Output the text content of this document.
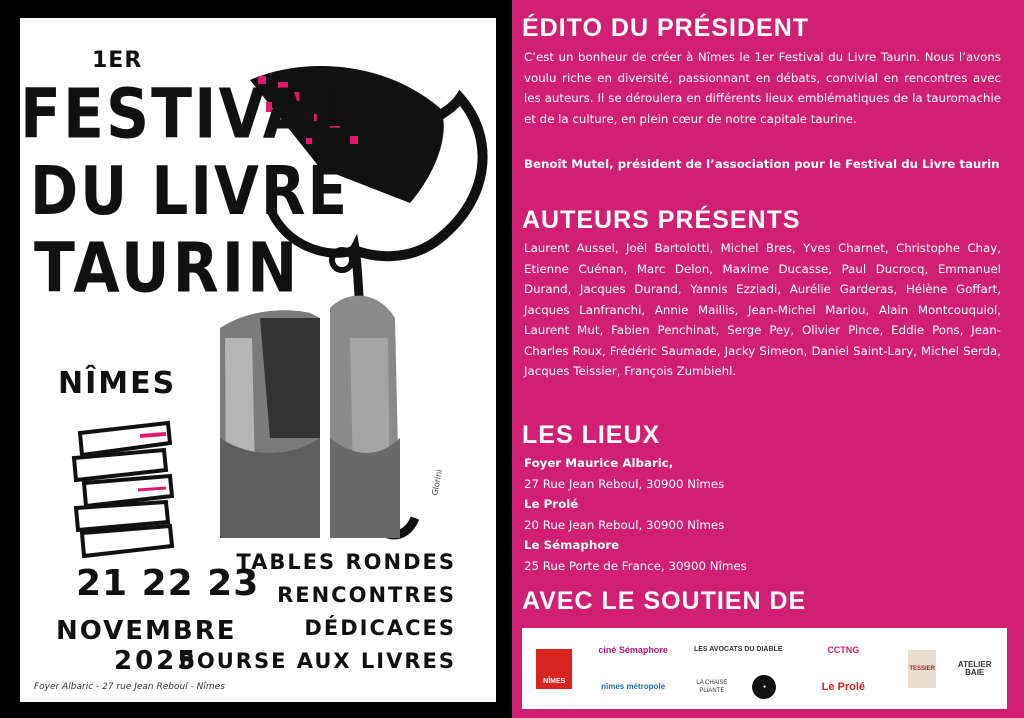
1ER
FESTIVAL
DU LIVRE
TAURIN
NÎMES
21 22 23
NOVEMBRE
2025
TABLES RONDES
RENCONTRES
DÉDICACES
BOURSE AUX LIVRES
Foyer Albaric - 27 rue Jean Reboul - Nîmes
Glorini
ÉDITO DU PRÉSIDENT
C’est un bonheur de créer à Nîmes le 1er Festival du Livre Taurin. Nous l’avons voulu riche en diversité, passionnant en débats, convivial en rencontres avec les auteurs. Il se déroulera en différents lieux emblématiques de la tauromachie et de la culture, en plein cœur de notre capitale taurine.
Benoît Mutel, président de l’association pour le Festival du Livre taurin
AUTEURS PRÉSENTS
Laurent Aussel, Joël Bartolotti, Michel Bres, Yves Charnet, Christophe Chay, Etienne Cuénan, Marc Delon, Maxime Ducasse, Paul Ducrocq, Emmanuel Durand, Jacques Durand, Yannis Ezziadi, Aurélie Garderas, Hélène Goffart, Jacques Lanfranchi, Annie Maillis, Jean-Michel Mariou, Alain Montcouquiol, Laurent Mut, Fabien Penchinat, Serge Pey, Olivier Pince, Eddie Pons, Jean-Charles Roux, Frédéric Saumade, Jacky Simeon, Daniel Saint-Lary, Michel Serda, Jacques Teissier, François Zumbiehl.
LES LIEUX
Foyer Maurice Albaric,
27 Rue Jean Reboul, 30900 Nîmes
Le Prolé
20 Rue Jean Reboul, 30900 Nîmes
Le Sémaphore
25 Rue Porte de France, 30900 Nîmes
AVEC LE SOUTIEN DE
NÎMES
ciné Sémaphore	LES AVOCATS DU DIABLE	CCTNG
TESSIER	ATELIER BAIE
nîmes métropole	LA CHAISE PLIANTE
●	Le Prolé
